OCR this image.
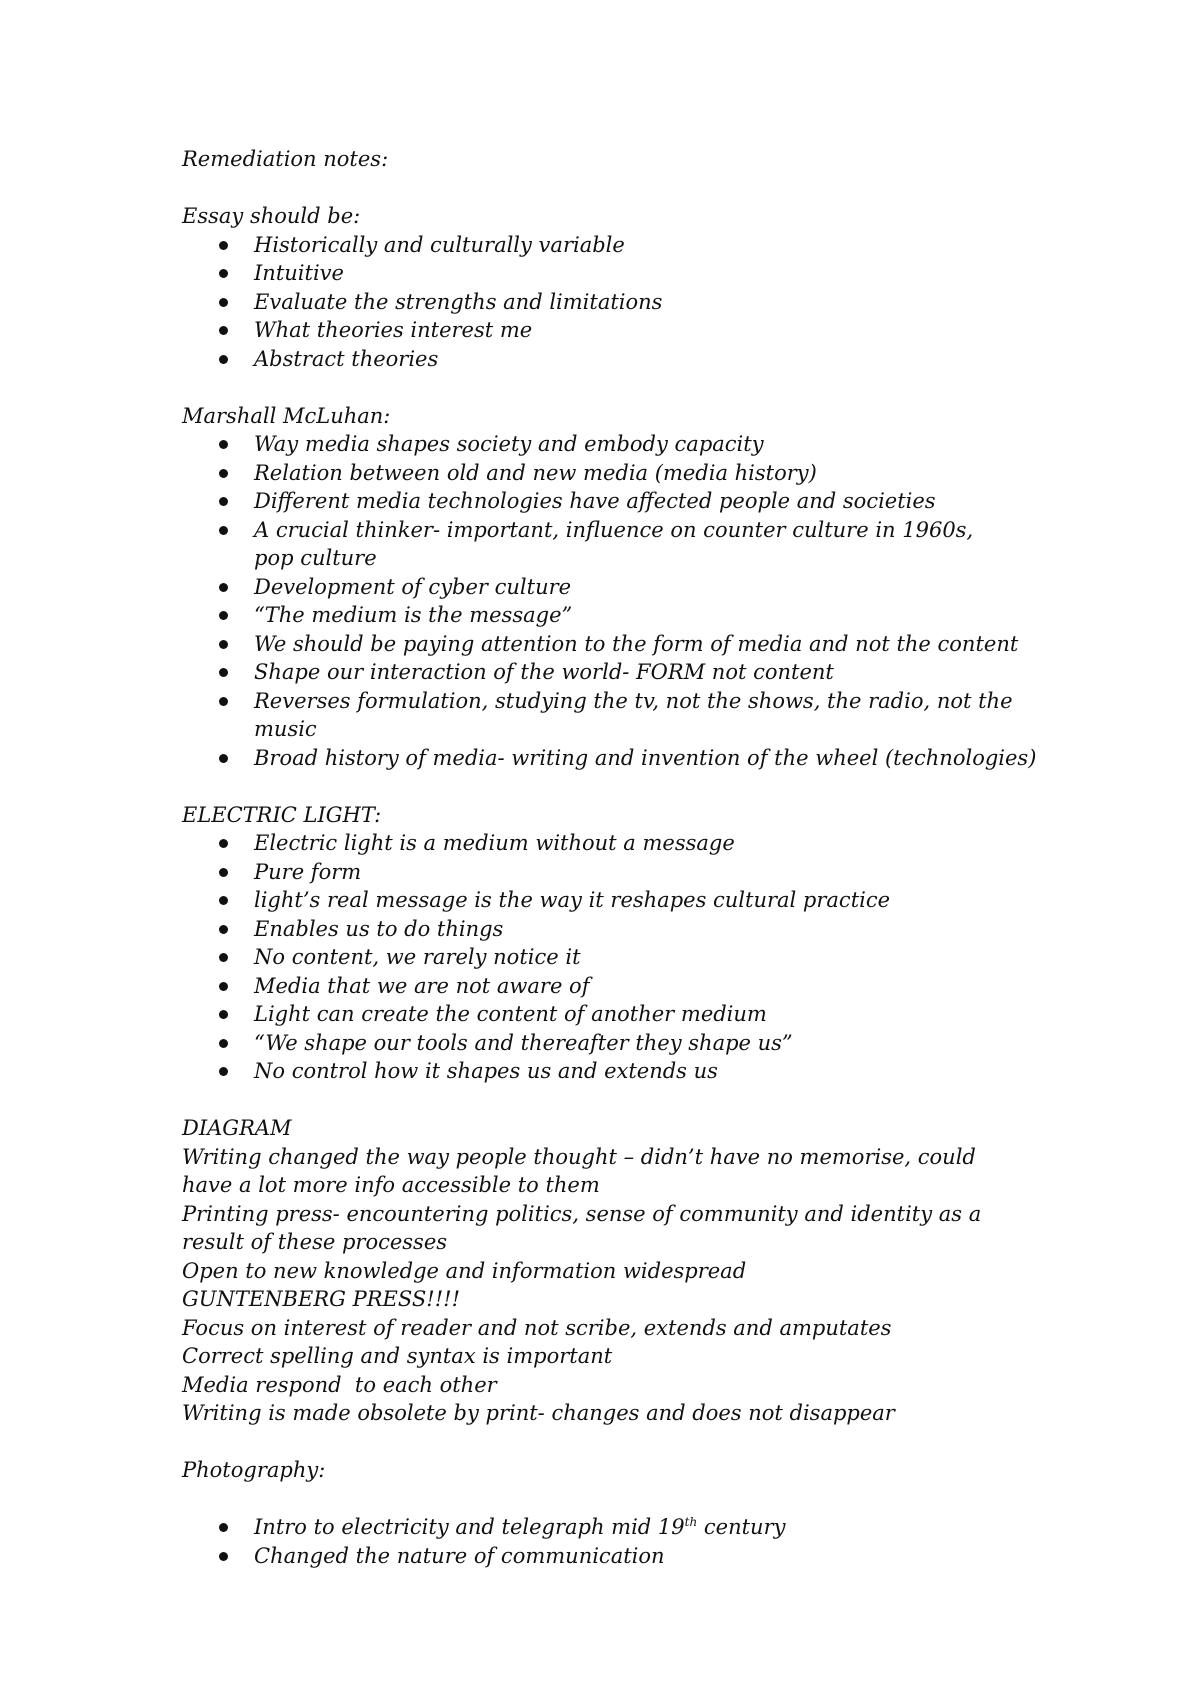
Remediation notes:

Essay should be:

Historically and culturally variable
Intuitive
Evaluate the strengths and limitations
What theories interest me
Abstract theories

Marshall McLuhan:

Way media shapes society and embody capacity
Relation between old and new media (media history)
Different media technologies have affected people and societies
A crucial thinker- important, influence on counter culture in 1960s, pop culture
Development of cyber culture
“The medium is the message”
We should be paying attention to the form of media and not the content
Shape our interaction of the world- FORM not content
Reverses formulation, studying the tv, not the shows, the radio, not the music
Broad history of media- writing and invention of the wheel (technologies)

ELECTRIC LIGHT:

Electric light is a medium without a message
Pure form
light’s real message is the way it reshapes cultural practice
Enables us to do things
No content, we rarely notice it
Media that we are not aware of
Light can create the content of another medium
“We shape our tools and thereafter they shape us”
No control how it shapes us and extends us

DIAGRAM

Writing changed the way people thought – didn’t have no memorise, could have a lot more info accessible to them

Printing press- encountering politics, sense of community and identity as a result of these processes

Open to new knowledge and information widespread

GUNTENBERG PRESS!!!!

Focus on interest of reader and not scribe, extends and amputates

Correct spelling and syntax is important

Media respond  to each other

Writing is made obsolete by print- changes and does not disappear

Photography:

Intro to electricity and telegraph mid 19th century
Changed the nature of communication
